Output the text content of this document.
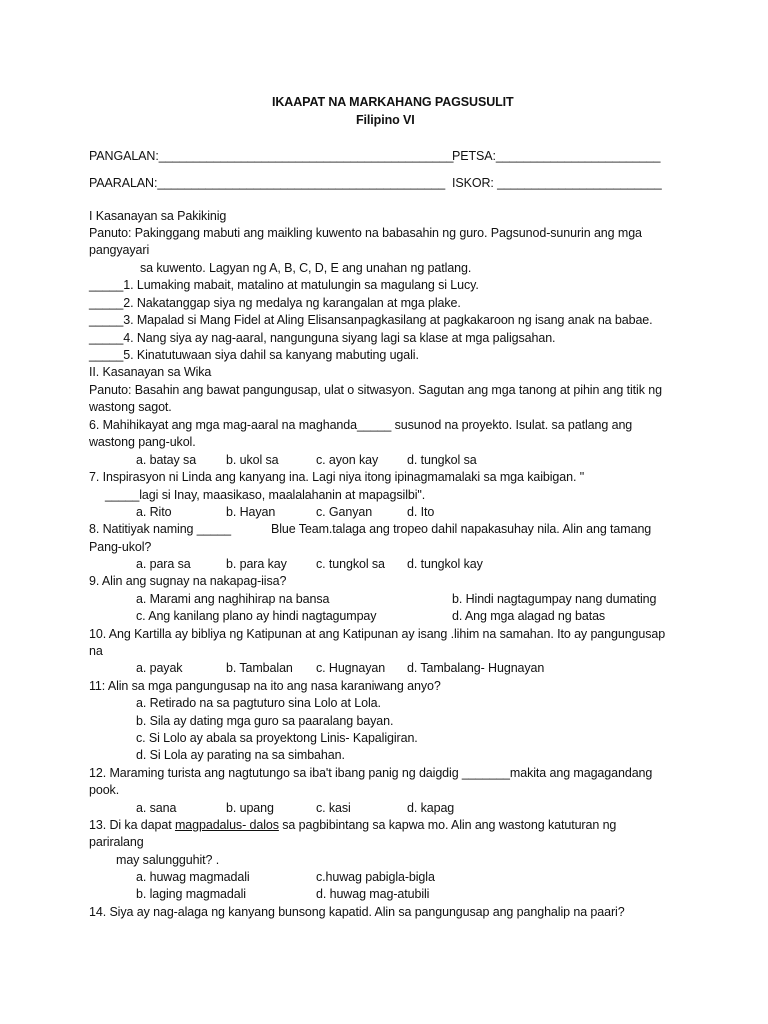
IKAAPAT NA MARKAHANG PAGSUSULIT
Filipino VI
PANGALAN:___________________________________________
PETSA:________________________
PAARALAN:__________________________________________ ISKOR: ________________________
I Kasanayan sa Pakikinig
Panuto: Pakinggang mabuti ang maikling kuwento na babasahin ng guro. Pagsunod-sunurin ang mga
pangyayari
sa kuwento. Lagyan ng A, B, C, D, E ang unahan ng patlang.
_____1. Lumaking mabait, matalino at matulungin sa magulang si Lucy.
_____2. Nakatanggap siya ng medalya ng karangalan at mga plake.
_____3. Mapalad si Mang Fidel at Aling Elisansanpagkasilang at pagkakaroon ng isang anak na babae.
_____4. Nang siya ay nag-aaral, nangunguna siyang lagi sa klase at mga paligsahan.
_____5. Kinatutuwaan siya dahil sa kanyang mabuting ugali.
II. Kasanayan sa Wika
Panuto: Basahin ang bawat pangungusap, ulat o sitwasyon. Sagutan ang mga tanong at pihin ang titik ng
wastong sagot.
6. Mahihikayat ang mga mag-aaral na maghanda_____ susunod na proyekto. Isulat. sa patlang ang
wastong pang-ukol.
a. batay sa b. ukol sa	c. ayon kay d. tungkol sa
7. Inspirasyon ni Linda ang kanyang ina. Lagi niya itong ipinagmamalaki sa mga kaibigan. "
_____lagi si Inay, maasikaso, maalalahanin at mapagsilbi".
a. Rito	b. Hayan	c. Ganyan	d. Ito
8. Natitiyak naming _____	Blue Team.talaga ang tropeo dahil napakasuhay nila. Alin ang tamang
Pang-ukol?
a. para sa	b. para kay c. tungkol sa d. tungkol kay
9. Alin ang sugnay na nakapag-iisa?
a. Marami ang naghihirap na bansa	b. Hindi nagtagumpay nang dumating
c. Ang kanilang plano ay hindi nagtagumpay	d. Ang mga alagad ng batas
10. Ang Kartilla ay bibliya ng Katipunan at ang Katipunan ay isang .lihim na samahan. Ito ay pangungusap
na
a. payak	b. Tambalan c. Hugnayan d. Tambalang- Hugnayan
11: Alin sa mga pangungusap na ito ang nasa karaniwang anyo?
a. Retirado na sa pagtuturo sina Lolo at Lola.
b. Sila ay dating mga guro sa paaralang bayan.
c. Si Lolo ay abala sa proyektong Linis- Kapaligiran.
d. Si Lola ay parating na sa simbahan.
12. Maraming turista ang nagtutungo sa iba't ibang panig ng daigdig _______makita ang magagandang
pook.
a. sana	b. upang	c. kasi	d. kapag
13. Di ka dapat magpadalus- dalos sa pagbibintang sa kapwa mo. Alin ang wastong katuturan ng
pariralang
may salungguhit? .
a. huwag magmadali	c.huwag pabigla-bigla
b. laging magmadali	d. huwag mag-atubili
14. Siya ay nag-alaga ng kanyang bunsong kapatid. Alin sa pangungusap ang panghalip na paari?
